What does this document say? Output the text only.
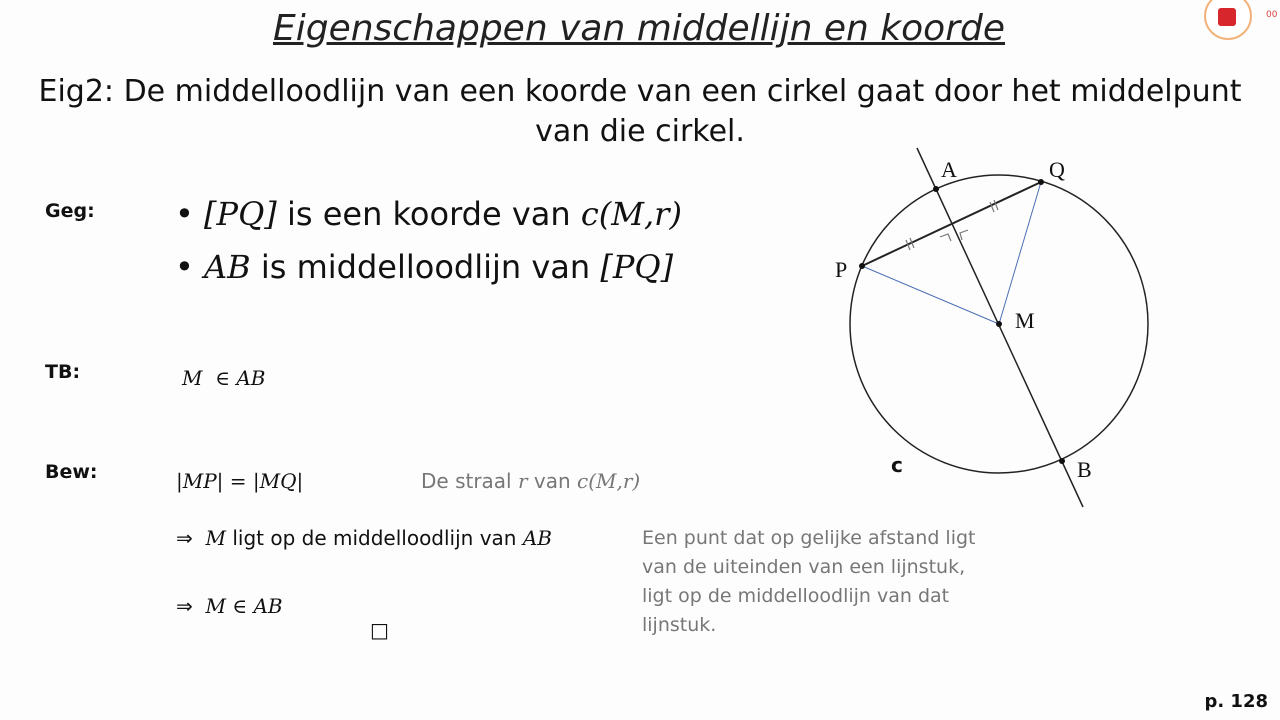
Eigenschappen van middellijn en koorde
Eig2: De middelloodlijn van een koorde van een cirkel gaat door het middelpunt van die cirkel.
Geg:	• [PQ] is een koorde van c(M,r)
• AB is middelloodlijn van [PQ]
TB:	M  ∈ AB
Bew:	|MP| = |MQ|	De straal r van c(M,r)
⇒ M ligt op de middelloodlijn van AB
⇒ M ∈ AB
□
Een punt dat op gelijke afstand ligt van de uiteinden van een lijnstuk, ligt op de middelloodlijn van dat lijnstuk.
A	Q
P
M
B
c
p. 128
00
